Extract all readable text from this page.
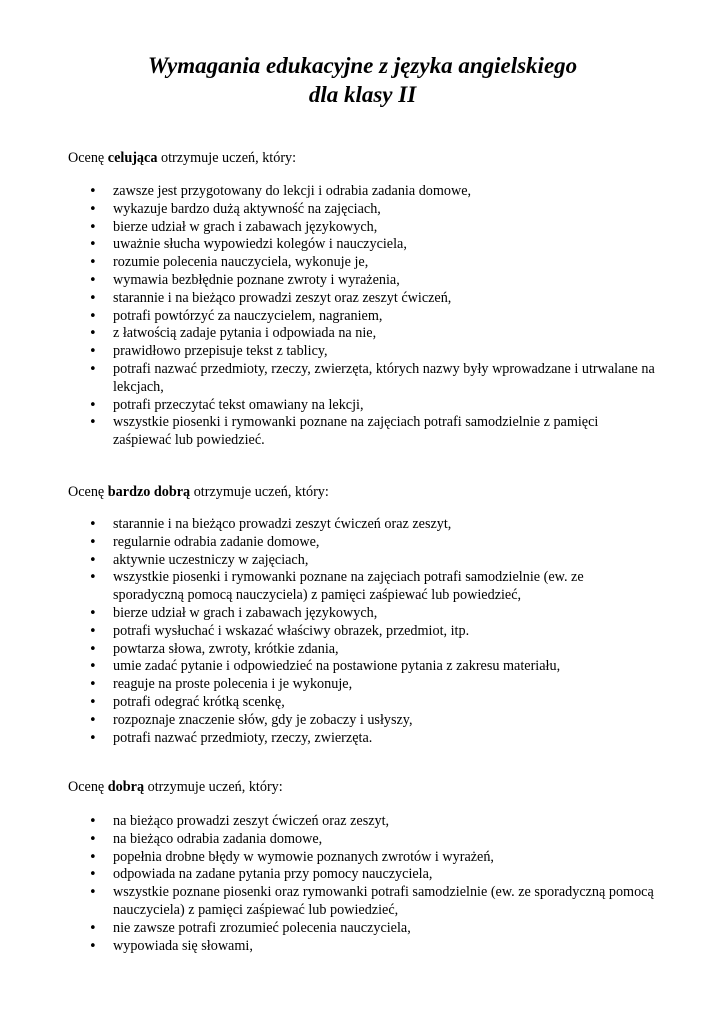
Wymagania edukacyjne z języka angielskiego
dla klasy II

Ocenę celująca otrzymuje uczeń, który:

• zawsze jest przygotowany do lekcji i odrabia zadania domowe,
• wykazuje bardzo dużą aktywność na zajęciach,
• bierze udział w grach i zabawach językowych,
• uważnie słucha wypowiedzi kolegów i nauczyciela,
• rozumie polecenia nauczyciela, wykonuje je,
• wymawia bezbłędnie poznane zwroty i wyrażenia,
• starannie i na bieżąco prowadzi zeszyt oraz zeszyt ćwiczeń,
• potrafi powtórzyć za nauczycielem, nagraniem,
• z łatwością zadaje pytania i odpowiada na nie,
• prawidłowo przepisuje tekst z tablicy,
• potrafi nazwać przedmioty, rzeczy, zwierzęta, których nazwy były wprowadzane i utrwalane na lekcjach,
• potrafi przeczytać tekst omawiany na lekcji,
• wszystkie piosenki i rymowanki poznane na zajęciach potrafi samodzielnie z pamięci zaśpiewać lub powiedzieć.

Ocenę bardzo dobrą otrzymuje uczeń, który:

• starannie i na bieżąco prowadzi zeszyt ćwiczeń oraz zeszyt,
• regularnie odrabia zadanie domowe,
• aktywnie uczestniczy w zajęciach,
• wszystkie piosenki i rymowanki poznane na zajęciach potrafi samodzielnie (ew. ze sporadyczną pomocą nauczyciela) z pamięci zaśpiewać lub powiedzieć,
• bierze udział w grach i zabawach językowych,
• potrafi wysłuchać i wskazać właściwy obrazek, przedmiot, itp.
• powtarza słowa, zwroty, krótkie zdania,
• umie zadać pytanie i odpowiedzieć na postawione pytania z zakresu materiału,
• reaguje na proste polecenia i je wykonuje,
• potrafi odegrać krótką scenkę,
• rozpoznaje znaczenie słów, gdy je zobaczy i usłyszy,
• potrafi nazwać przedmioty, rzeczy, zwierzęta.

Ocenę dobrą otrzymuje uczeń, który:

• na bieżąco prowadzi zeszyt ćwiczeń oraz zeszyt,
• na bieżąco odrabia zadania domowe,
• popełnia drobne błędy w wymowie poznanych zwrotów i wyrażeń,
• odpowiada na zadane pytania przy pomocy nauczyciela,
• wszystkie poznane piosenki oraz rymowanki potrafi samodzielnie (ew. ze sporadyczną pomocą nauczyciela) z pamięci zaśpiewać lub powiedzieć,
• nie zawsze potrafi zrozumieć polecenia nauczyciela,
• wypowiada się słowami,
